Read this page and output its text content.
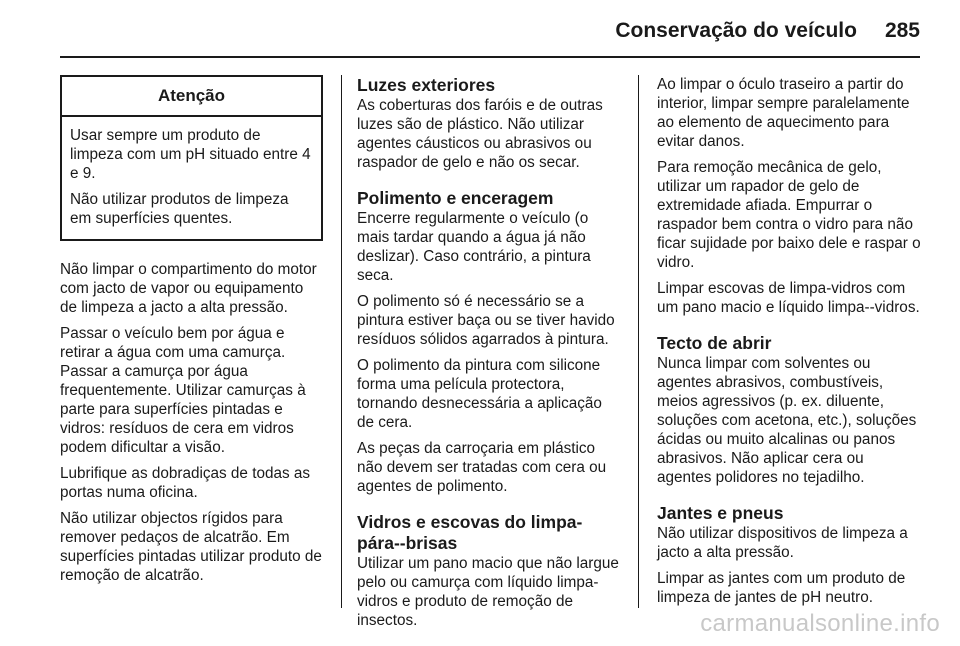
Conservação do veículo 285
Atenção

Usar sempre um produto de limpeza com um pH situado entre 4 e 9.

Não utilizar produtos de limpeza em superfícies quentes.

Não limpar o compartimento do motor com jacto de vapor ou equipamento de limpeza a jacto a alta pressão.

Passar o veículo bem por água e retirar a água com uma camurça. Passar a camurça por água frequentemente. Utilizar camurças à parte para superfícies pintadas e vidros: resíduos de cera em vidros podem dificultar a visão.

Lubrifique as dobradiças de todas as portas numa oficina.

Não utilizar objectos rígidos para remover pedaços de alcatrão. Em superfícies pintadas utilizar produto de remoção de alcatrão.

Luzes exteriores

As coberturas dos faróis e de outras luzes são de plástico. Não utilizar agentes cáusticos ou abrasivos ou raspador de gelo e não os secar.

Polimento e enceragem

Encerre regularmente o veículo (o mais tardar quando a água já não deslizar). Caso contrário, a pintura seca.

O polimento só é necessário se a pintura estiver baça ou se tiver havido resíduos sólidos agarrados à pintura.

O polimento da pintura com silicone forma uma película protectora, tornando desnecessária a aplicação de cera.

As peças da carroçaria em plástico não devem ser tratadas com cera ou agentes de polimento.

Vidros e escovas do limpa-pára--brisas

Utilizar um pano macio que não largue pelo ou camurça com líquido limpa-vidros e produto de remoção de insectos.

Ao limpar o óculo traseiro a partir do interior, limpar sempre paralelamente ao elemento de aquecimento para evitar danos.

Para remoção mecânica de gelo, utilizar um rapador de gelo de extremidade afiada. Empurrar o raspador bem contra o vidro para não ficar sujidade por baixo dele e raspar o vidro.

Limpar escovas de limpa-vidros com um pano macio e líquido limpa--vidros.

Tecto de abrir

Nunca limpar com solventes ou agentes abrasivos, combustíveis, meios agressivos (p. ex. diluente, soluções com acetona, etc.), soluções ácidas ou muito alcalinas ou panos abrasivos. Não aplicar cera ou agentes polidores no tejadilho.

Jantes e pneus

Não utilizar dispositivos de limpeza a jacto a alta pressão.

Limpar as jantes com um produto de limpeza de jantes de pH neutro.

carmanualsonline.info
